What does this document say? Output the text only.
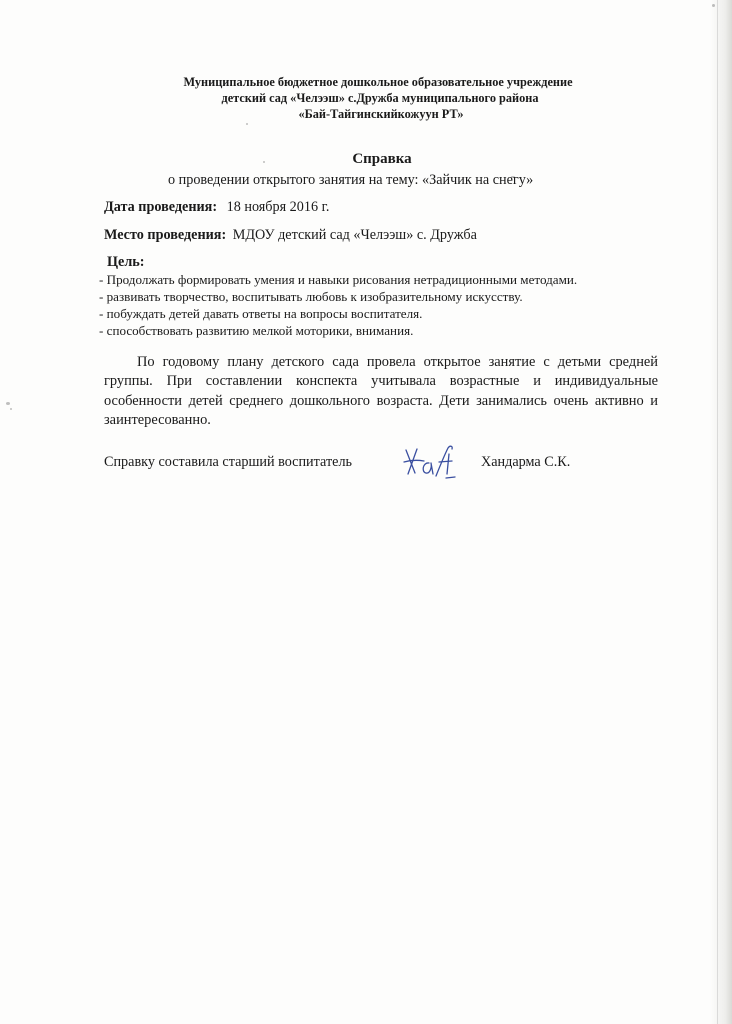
Муниципальное бюджетное дошкольное образовательное учреждение
детский сад «Челээш» с.Дружба муниципального района
«Бай-Тайгинскийкожуун РТ»
Справка
о проведении открытого занятия на тему: «Зайчик на снегу»
Дата проведения: 18 ноября 2016 г.
Место проведения: МДОУ детский сад «Челээш» с. Дружба
Цель:
- Продолжать формировать умения и навыки рисования нетрадиционными методами.
- развивать творчество, воспитывать любовь к изобразительному искусству.
- побуждать детей давать ответы на вопросы воспитателя.
- способствовать развитию мелкой моторики, внимания.

По годовому плану детского сада провела открытое занятие с детьми средней группы. При составлении конспекта учитывала возрастные и индивидуальные особенности детей среднего дошкольного возраста. Дети занимались очень активно и заинтересованно.

Справку составила старший воспитатель	Хандарма С.К.
